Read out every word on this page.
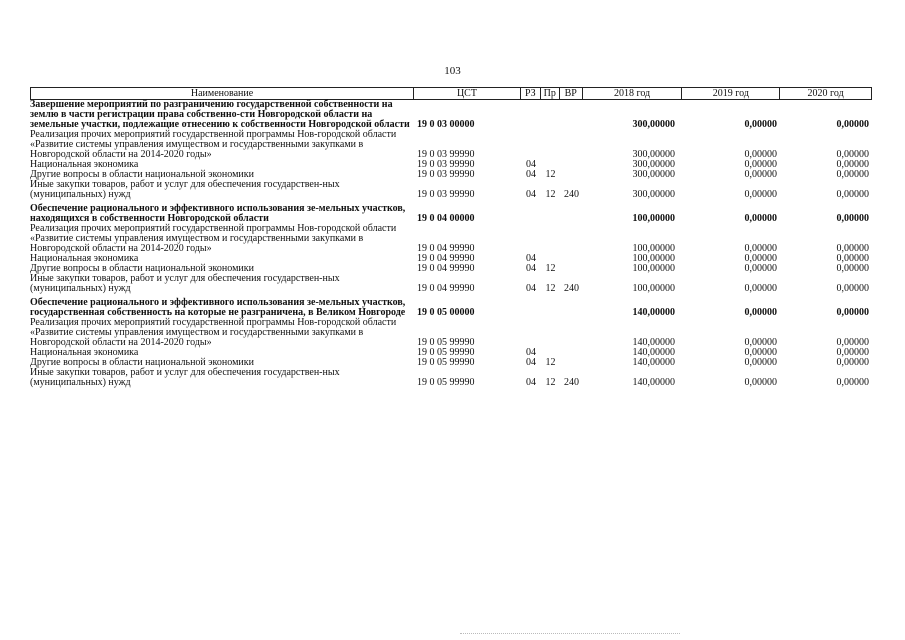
103
Наименование	ЦСТ	РЗ Пр ВР	2018 год	2019 год	2020 год
Завершение мероприятий по разграничению государственной собственности на землю в части регистрации права собственно-сти Новгородской области на земельные участки, подлежащие отнесению к собственности Новгородской области 19 0 03 00000	300,00000	0,00000	0,00000
Реализация прочих мероприятий государственной программы Нов-городской области «Развитие системы управления имуществом и государственными закупками в Новгородской области на 2014-2020 годы»	19 0 03 99990	300,00000	0,00000	0,00000
Национальная экономика	19 0 03 99990	04	300,00000	0,00000	0,00000
Другие вопросы в области национальной экономики	19 0 03 99990	04 12	300,00000	0,00000	0,00000
Иные закупки товаров, работ и услуг для обеспечения государствен-ных (муниципальных) нужд	19 0 03 99990	04 12 240	300,00000	0,00000	0,00000
Обеспечение рационального и эффективного использования зе-мельных участков, находящихся в собственности Новгородской области	19 0 04 00000	100,00000	0,00000	0,00000
Реализация прочих мероприятий государственной программы Нов-городской области «Развитие системы управления имуществом и государственными закупками в Новгородской области на 2014-2020 годы»	19 0 04 99990	100,00000	0,00000	0,00000
Национальная экономика	19 0 04 99990	04	100,00000	0,00000	0,00000
Другие вопросы в области национальной экономики	19 0 04 99990	04 12	100,00000	0,00000	0,00000
Иные закупки товаров, работ и услуг для обеспечения государствен-ных (муниципальных) нужд	19 0 04 99990	04 12 240	100,00000	0,00000	0,00000
Обеспечение рационального и эффективного использования зе-мельных участков, государственная собственность на которые не разграничена, в Великом Новгороде	19 0 05 00000	140,00000	0,00000	0,00000
Реализация прочих мероприятий государственной программы Нов-городской области «Развитие системы управления имуществом и государственными закупками в Новгородской области на 2014-2020 годы»	19 0 05 99990	140,00000	0,00000	0,00000
Национальная экономика	19 0 05 99990	04	140,00000	0,00000	0,00000
Другие вопросы в области национальной экономики	19 0 05 99990	04 12	140,00000	0,00000	0,00000
Иные закупки товаров, работ и услуг для обеспечения государствен-ных (муниципальных) нужд	19 0 05 99990	04 12 240	140,00000	0,00000	0,00000
